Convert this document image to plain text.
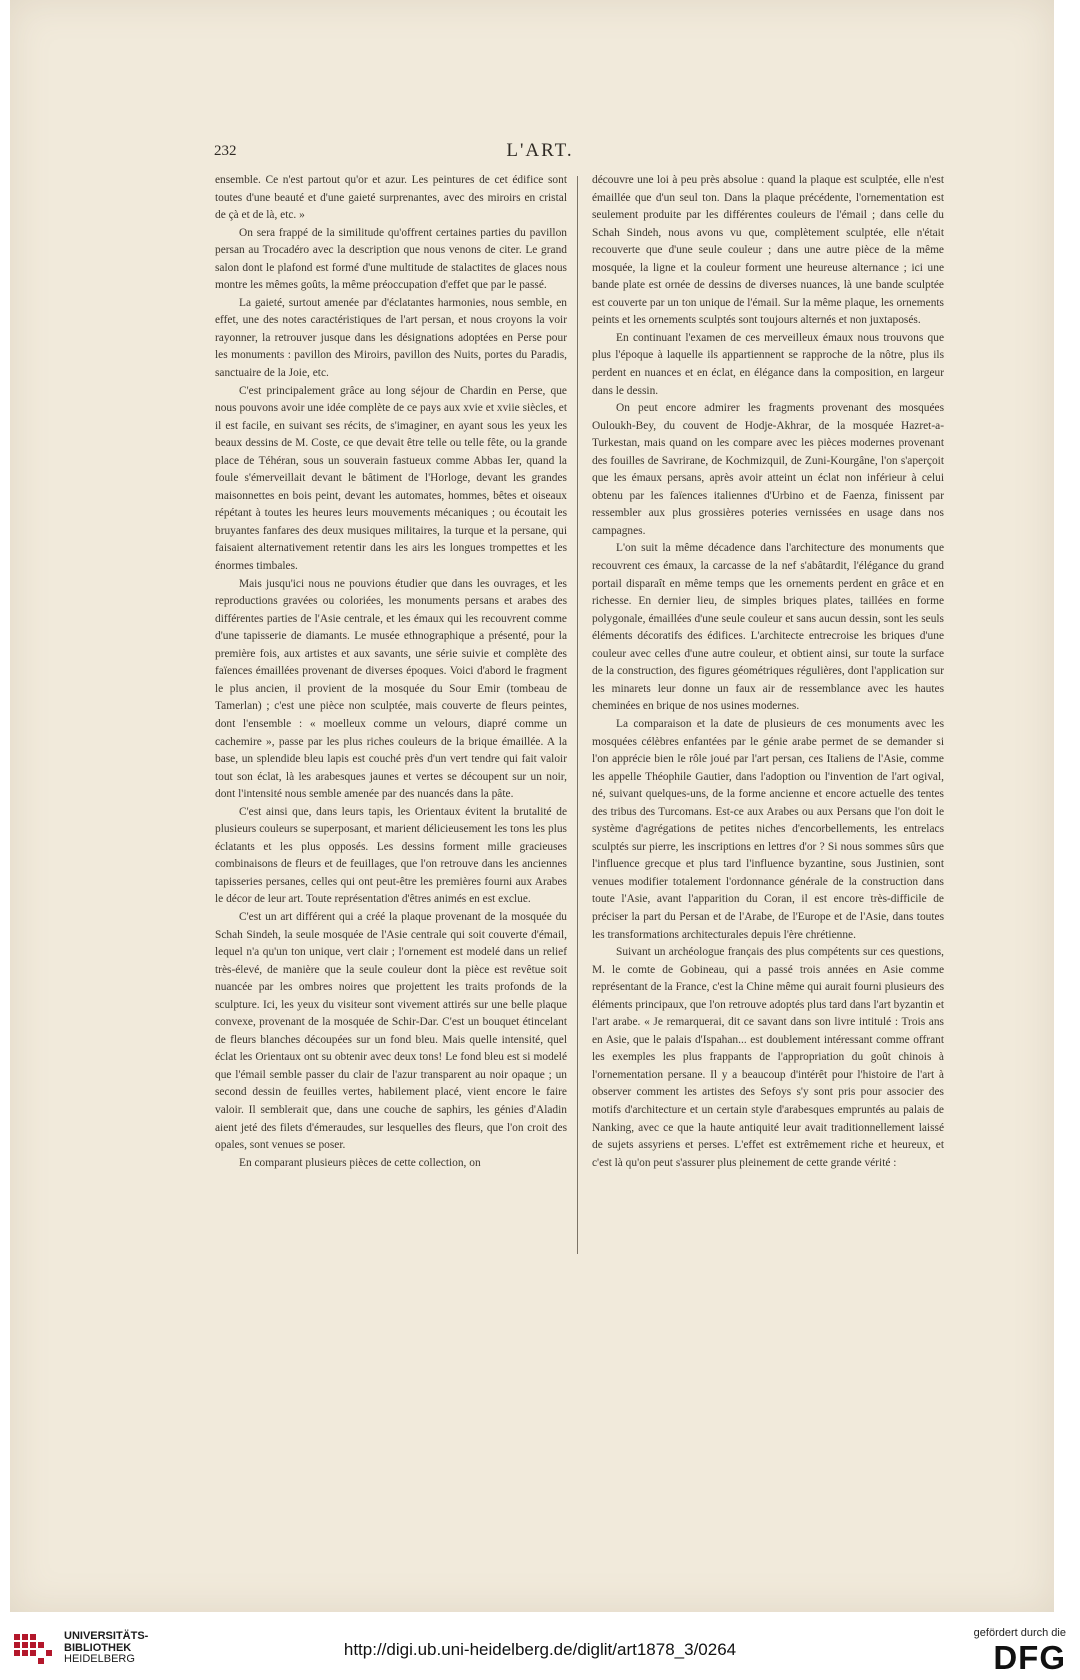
232	L'ART.

ensemble. Ce n'est partout qu'or et azur. Les peintures de cet édifice sont toutes d'une beauté et d'une gaieté surprenantes, avec des miroirs en cristal de çà et de là, etc. »

On sera frappé de la similitude qu'offrent certaines parties du pavillon persan au Trocadéro avec la description que nous venons de citer. Le grand salon dont le plafond est formé d'une multitude de stalactites de glaces nous montre les mêmes goûts, la même préoccupation d'effet que par le passé.

La gaieté, surtout amenée par d'éclatantes harmonies, nous semble, en effet, une des notes caractéristiques de l'art persan, et nous croyons la voir rayonner, la retrouver jusque dans les désignations adoptées en Perse pour les monuments : pavillon des Miroirs, pavillon des Nuits, portes du Paradis, sanctuaire de la Joie, etc.

C'est principalement grâce au long séjour de Chardin en Perse, que nous pouvons avoir une idée complète de ce pays aux xvie et xviie siècles, et il est facile, en suivant ses récits, de s'imaginer, en ayant sous les yeux les beaux dessins de M. Coste, ce que devait être telle ou telle fête, ou la grande place de Téhéran, sous un souverain fastueux comme Abbas Ier, quand la foule s'émerveillait devant le bâtiment de l'Horloge, devant les grandes maisonnettes en bois peint, devant les automates, hommes, bêtes et oiseaux répétant à toutes les heures leurs mouvements mécaniques ; ou écoutait les bruyantes fanfares des deux musiques militaires, la turque et la persane, qui faisaient alternativement retentir dans les airs les longues trompettes et les énormes timbales.

Mais jusqu'ici nous ne pouvions étudier que dans les ouvrages, et les reproductions gravées ou coloriées, les monuments persans et arabes des différentes parties de l'Asie centrale, et les émaux qui les recouvrent comme d'une tapisserie de diamants. Le musée ethnographique a présenté, pour la première fois, aux artistes et aux savants, une série suivie et complète des faïences émaillées provenant de diverses époques. Voici d'abord le fragment le plus ancien, il provient de la mosquée du Sour Emir (tombeau de Tamerlan) ; c'est une pièce non sculptée, mais couverte de fleurs peintes, dont l'ensemble : « moelleux comme un velours, diapré comme un cachemire », passe par les plus riches couleurs de la brique émaillée. A la base, un splendide bleu lapis est couché près d'un vert tendre qui fait valoir tout son éclat, là les arabesques jaunes et vertes se découpent sur un noir, dont l'intensité nous semble amenée par des nuancés dans la pâte.

C'est ainsi que, dans leurs tapis, les Orientaux évitent la brutalité de plusieurs couleurs se superposant, et marient délicieusement les tons les plus éclatants et les plus opposés. Les dessins forment mille gracieuses combinaisons de fleurs et de feuillages, que l'on retrouve dans les anciennes tapisseries persanes, celles qui ont peut-être les premières fourni aux Arabes le décor de leur art. Toute représentation d'êtres animés en est exclue.

C'est un art différent qui a créé la plaque provenant de la mosquée du Schah Sindeh, la seule mosquée de l'Asie centrale qui soit couverte d'émail, lequel n'a qu'un ton unique, vert clair ; l'ornement est modelé dans un relief très-élevé, de manière que la seule couleur dont la pièce est revêtue soit nuancée par les ombres noires que projettent les traits profonds de la sculpture. Ici, les yeux du visiteur sont vivement attirés sur une belle plaque convexe, provenant de la mosquée de Schir-Dar. C'est un bouquet étincelant de fleurs blanches découpées sur un fond bleu. Mais quelle intensité, quel éclat les Orientaux ont su obtenir avec deux tons! Le fond bleu est si modelé que l'émail semble passer du clair de l'azur transparent au noir opaque ; un second dessin de feuilles vertes, habilement placé, vient encore le faire valoir. Il semblerait que, dans une couche de saphirs, les génies d'Aladin aient jeté des filets d'émeraudes, sur lesquelles des fleurs, que l'on croit des opales, sont venues se poser.

En comparant plusieurs pièces de cette collection, on

découvre une loi à peu près absolue : quand la plaque est sculptée, elle n'est émaillée que d'un seul ton. Dans la plaque précédente, l'ornementation est seulement produite par les différentes couleurs de l'émail ; dans celle du Schah Sindeh, nous avons vu que, complètement sculptée, elle n'était recouverte que d'une seule couleur ; dans une autre pièce de la même mosquée, la ligne et la couleur forment une heureuse alternance ; ici une bande plate est ornée de dessins de diverses nuances, là une bande sculptée est couverte par un ton unique de l'émail. Sur la même plaque, les ornements peints et les ornements sculptés sont toujours alternés et non juxtaposés.

En continuant l'examen de ces merveilleux émaux nous trouvons que plus l'époque à laquelle ils appartiennent se rapproche de la nôtre, plus ils perdent en nuances et en éclat, en élégance dans la composition, en largeur dans le dessin.

On peut encore admirer les fragments provenant des mosquées Ouloukh-Bey, du couvent de Hodje-Akhrar, de la mosquée Hazret-a-Turkestan, mais quand on les compare avec les pièces modernes provenant des fouilles de Savrirane, de Kochmizquil, de Zuni-Kourgâne, l'on s'aperçoit que les émaux persans, après avoir atteint un éclat non inférieur à celui obtenu par les faïences italiennes d'Urbino et de Faenza, finissent par ressembler aux plus grossières poteries vernissées en usage dans nos campagnes.

L'on suit la même décadence dans l'architecture des monuments que recouvrent ces émaux, la carcasse de la nef s'abâtardit, l'élégance du grand portail disparaît en même temps que les ornements perdent en grâce et en richesse. En dernier lieu, de simples briques plates, taillées en forme polygonale, émaillées d'une seule couleur et sans aucun dessin, sont les seuls éléments décoratifs des édifices. L'architecte entrecroise les briques d'une couleur avec celles d'une autre couleur, et obtient ainsi, sur toute la surface de la construction, des figures géométriques régulières, dont l'application sur les minarets leur donne un faux air de ressemblance avec les hautes cheminées en brique de nos usines modernes.

La comparaison et la date de plusieurs de ces monuments avec les mosquées célèbres enfantées par le génie arabe permet de se demander si l'on apprécie bien le rôle joué par l'art persan, ces Italiens de l'Asie, comme les appelle Théophile Gautier, dans l'adoption ou l'invention de l'art ogival, né, suivant quelques-uns, de la forme ancienne et encore actuelle des tentes des tribus des Turcomans. Est-ce aux Arabes ou aux Persans que l'on doit le système d'agrégations de petites niches d'encorbellements, les entrelacs sculptés sur pierre, les inscriptions en lettres d'or ? Si nous sommes sûrs que l'influence grecque et plus tard l'influence byzantine, sous Justinien, sont venues modifier totalement l'ordonnance générale de la construction dans toute l'Asie, avant l'apparition du Coran, il est encore très-difficile de préciser la part du Persan et de l'Arabe, de l'Europe et de l'Asie, dans toutes les transformations architecturales depuis l'ère chrétienne.

Suivant un archéologue français des plus compétents sur ces questions, M. le comte de Gobineau, qui a passé trois années en Asie comme représentant de la France, c'est la Chine même qui aurait fourni plusieurs des éléments principaux, que l'on retrouve adoptés plus tard dans l'art byzantin et l'art arabe. « Je remarquerai, dit ce savant dans son livre intitulé : Trois ans en Asie, que le palais d'Ispahan... est doublement intéressant comme offrant les exemples les plus frappants de l'appropriation du goût chinois à l'ornementation persane. Il y a beaucoup d'intérêt pour l'histoire de l'art à observer comment les artistes des Sefoys s'y sont pris pour associer des motifs d'architecture et un certain style d'arabesques empruntés au palais de Nanking, avec ce que la haute antiquité leur avait traditionnellement laissé de sujets assyriens et perses. L'effet est extrêmement riche et heureux, et c'est là qu'on peut s'assurer plus pleinement de cette grande vérité :

UNIVERSITÄTS-
BIBLIOTHEK
HEIDELBERG	http://digi.ub.uni-heidelberg.de/diglit/art1878_3/0264
gefördert durch die
DFG
